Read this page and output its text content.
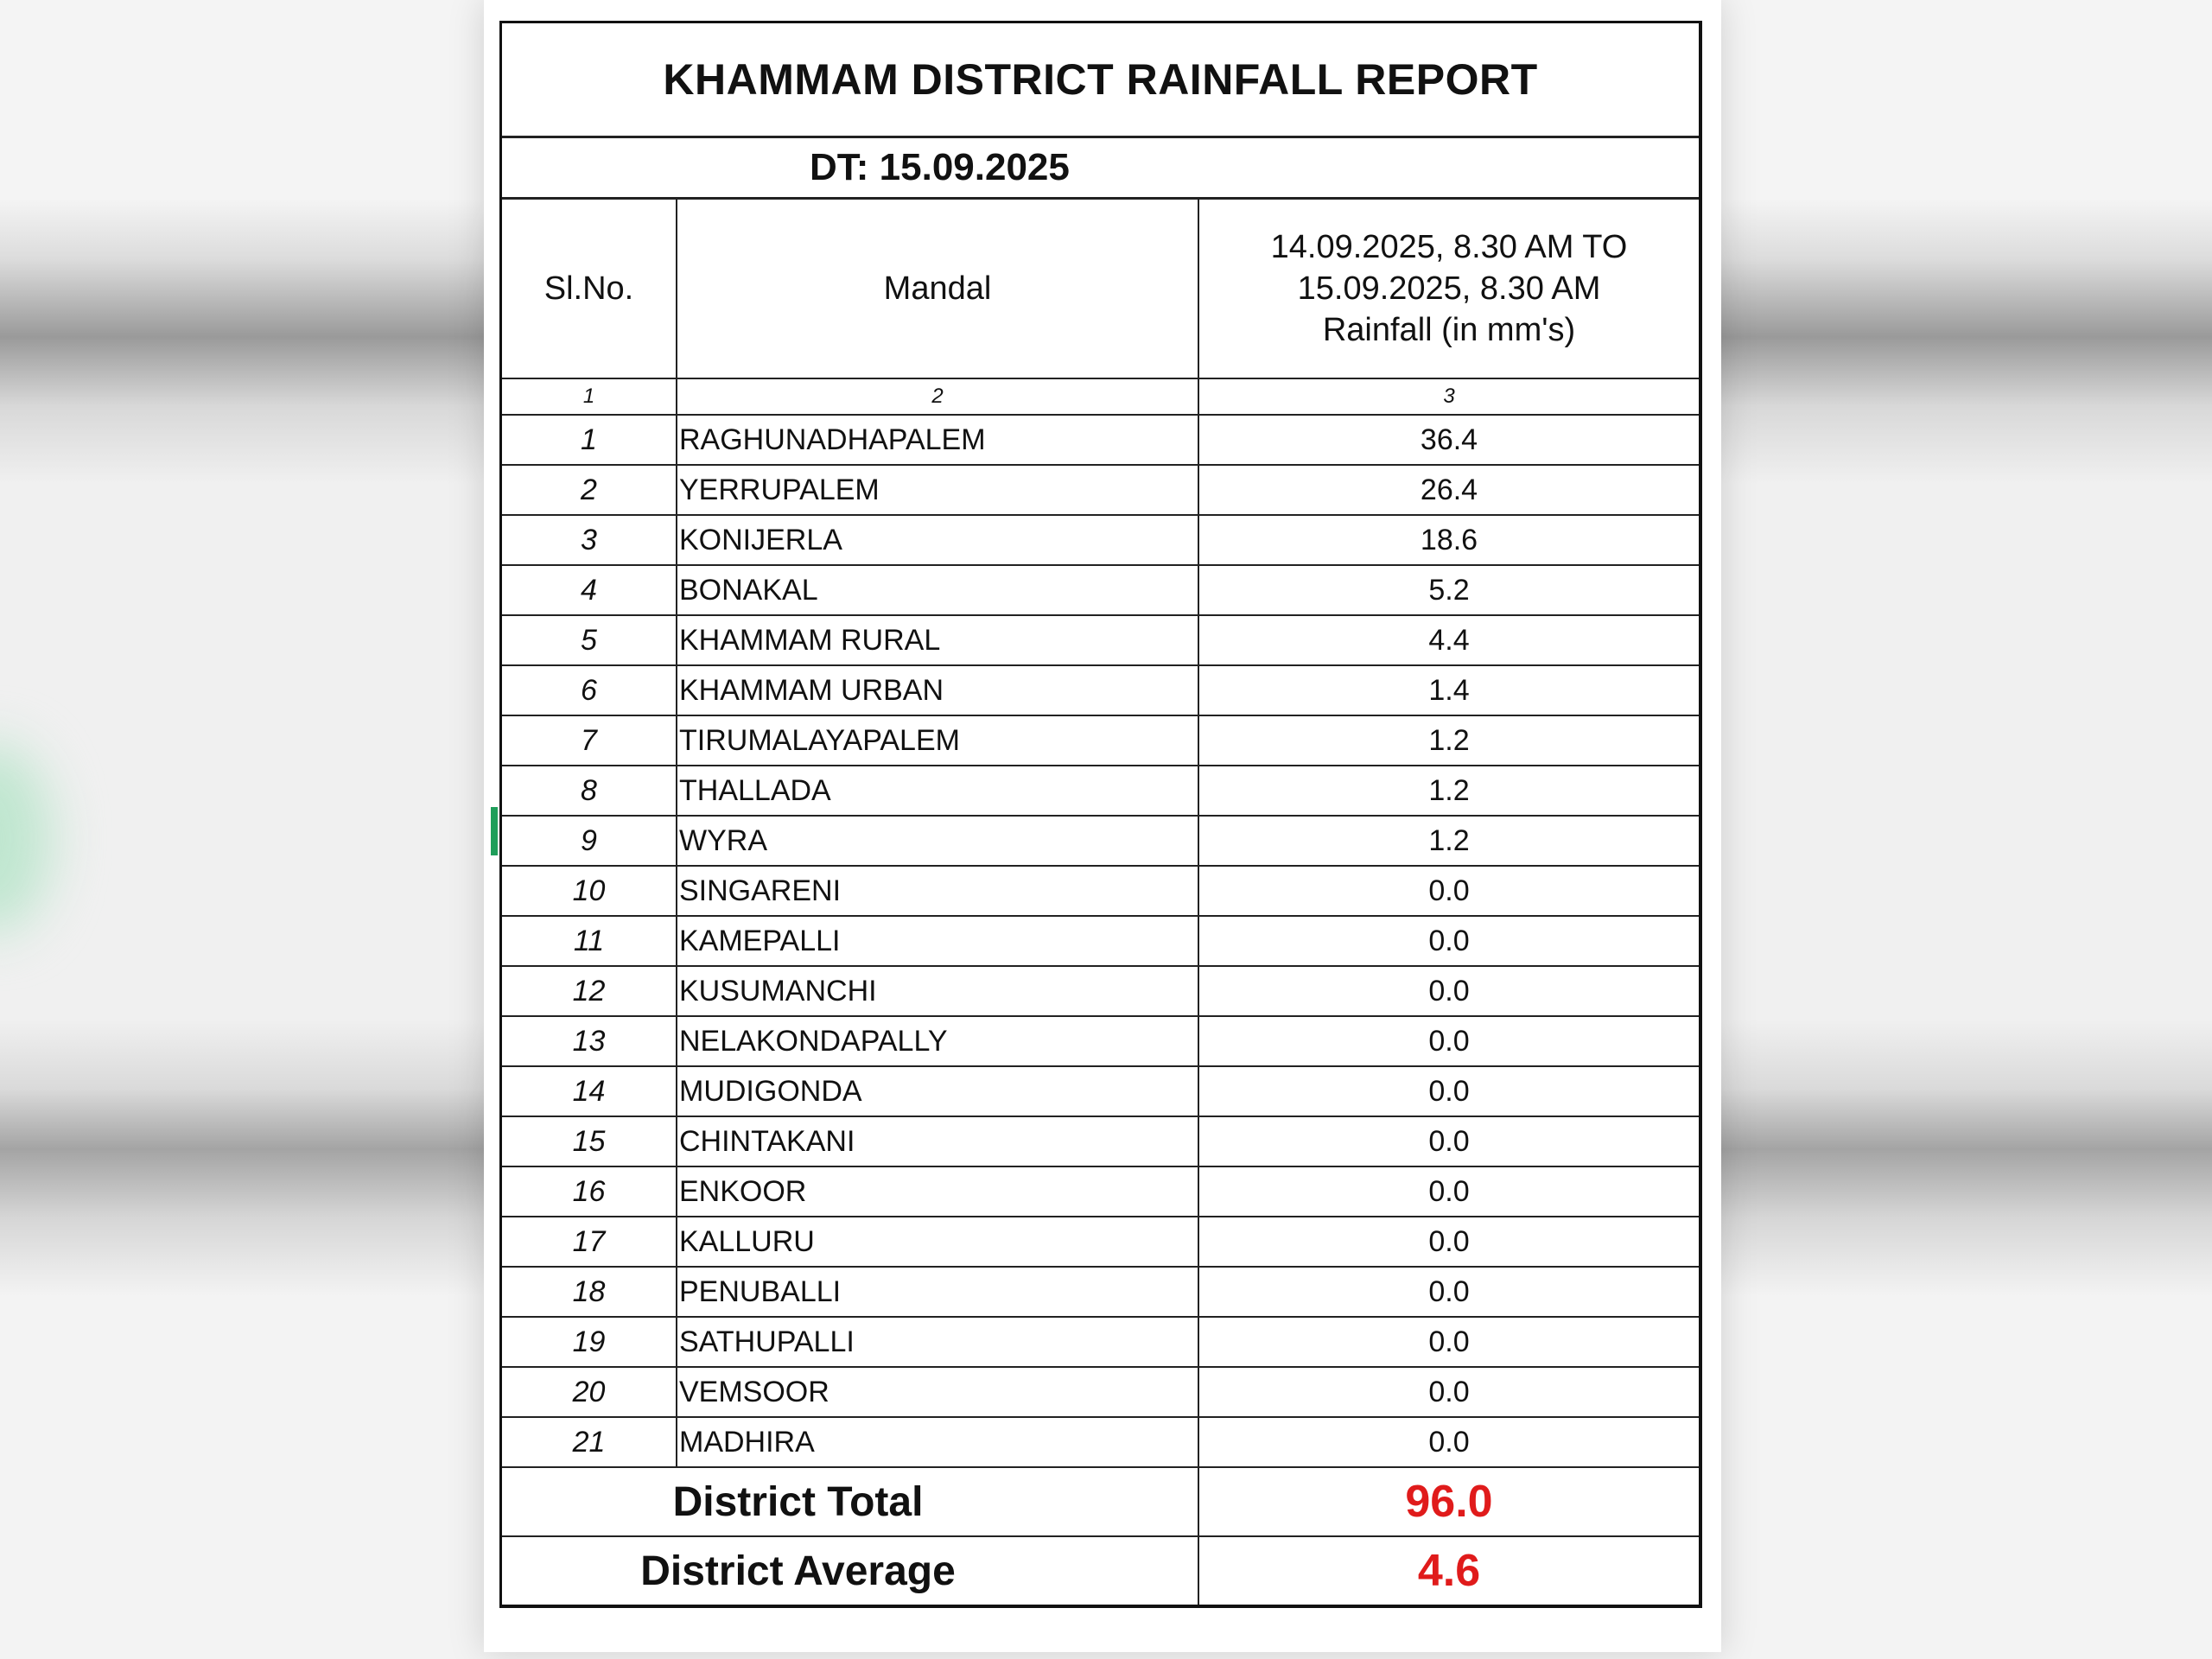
KHAMMAM DISTRICT RAINFALL REPORT
DT: 15.09.2025
Sl.No.	Mandal	14.09.2025, 8.30 AM TO
15.09.2025, 8.30 AM
Rainfall (in mm's)

1	2	3
1	RAGHUNADHAPALEM	36.4
2	YERRUPALEM	26.4
3	KONIJERLA	18.6
4	BONAKAL	5.2
5	KHAMMAM RURAL	4.4
6	KHAMMAM URBAN	1.4
7	TIRUMALAYAPALEM	1.2
8	THALLADA	1.2
9	WYRA	1.2
10	SINGARENI	0.0
11	KAMEPALLI	0.0
12	KUSUMANCHI	0.0
13	NELAKONDAPALLY	0.0
14	MUDIGONDA	0.0
15	CHINTAKANI	0.0
16	ENKOOR	0.0
17	KALLURU	0.0
18	PENUBALLI	0.0
19	SATHUPALLI	0.0
20	VEMSOOR	0.0
21	MADHIRA	0.0
District Total		96.0
District Average		4.6
